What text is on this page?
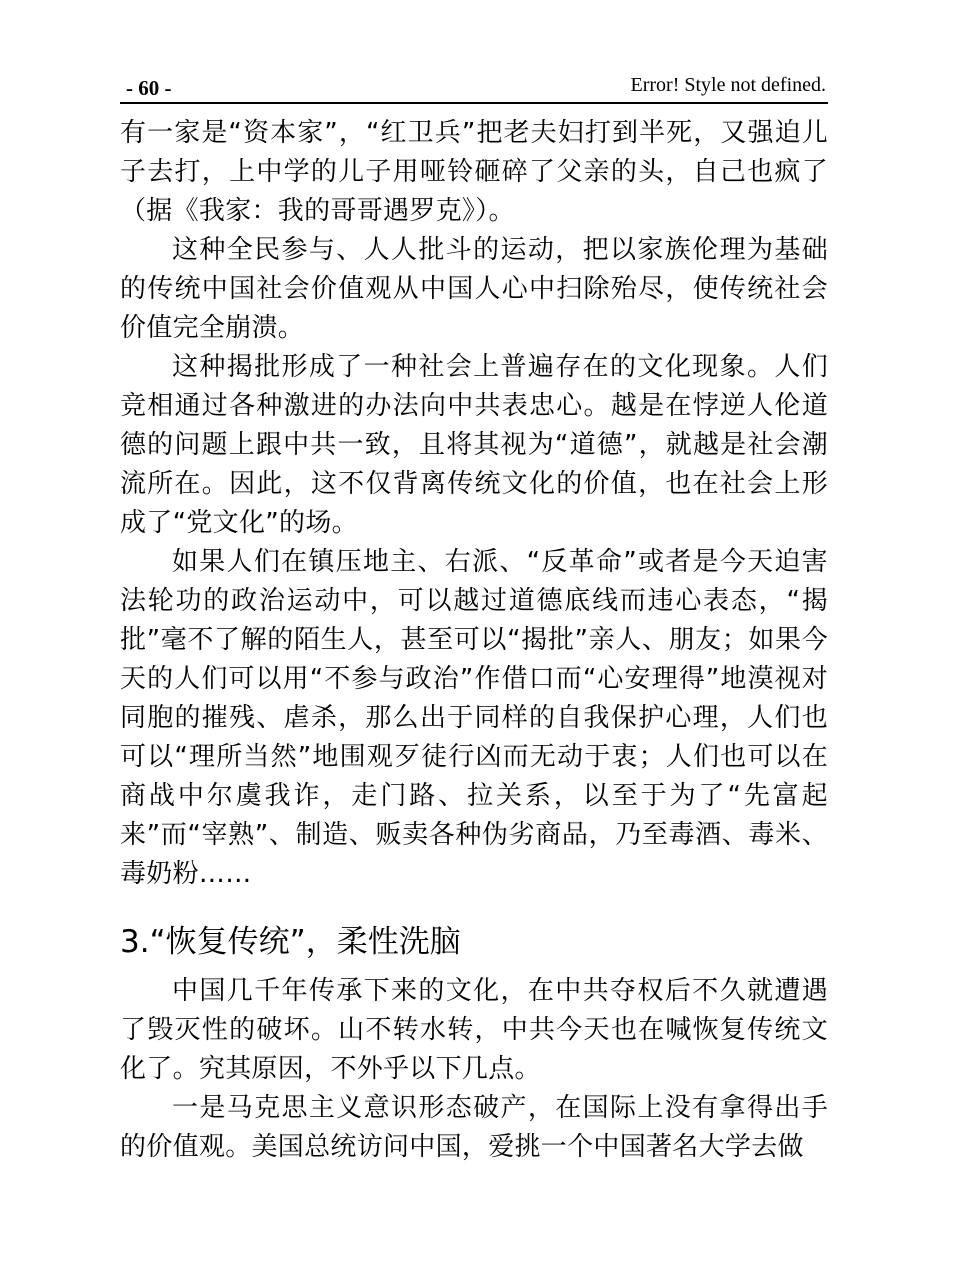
- 60 -	Error! Style not defined.

有一家是“资本家”，“红卫兵”把老夫妇打到半死，又强迫儿子去打，上中学的儿子用哑铃砸碎了父亲的头，自己也疯了（据《我家：我的哥哥遇罗克》）。

这种全民参与、人人批斗的运动，把以家族伦理为基础的传统中国社会价值观从中国人心中扫除殆尽，使传统社会价值完全崩溃。

这种揭批形成了一种社会上普遍存在的文化现象。人们竞相通过各种激进的办法向中共表忠心。越是在悖逆人伦道德的问题上跟中共一致，且将其视为“道德”，就越是社会潮流所在。因此，这不仅背离传统文化的价值，也在社会上形成了“党文化”的场。

如果人们在镇压地主、右派、“反革命”或者是今天迫害法轮功的政治运动中，可以越过道德底线而违心表态，“揭批”毫不了解的陌生人，甚至可以“揭批”亲人、朋友；如果今天的人们可以用“不参与政治”作借口而“心安理得”地漠视对同胞的摧残、虐杀，那么出于同样的自我保护心理，人们也可以“理所当然”地围观歹徒行凶而无动于衷；人们也可以在商战中尔虞我诈，走门路、拉关系，以至于为了“先富起来”而“宰熟”、制造、贩卖各种伪劣商品，乃至毒酒、毒米、毒奶粉……

3.“恢复传统”，柔性洗脑

中国几千年传承下来的文化，在中共夺权后不久就遭遇了毁灭性的破坏。山不转水转，中共今天也在喊恢复传统文化了。究其原因，不外乎以下几点。

一是马克思主义意识形态破产，在国际上没有拿得出手的价值观。美国总统访问中国，爱挑一个中国著名大学去做
